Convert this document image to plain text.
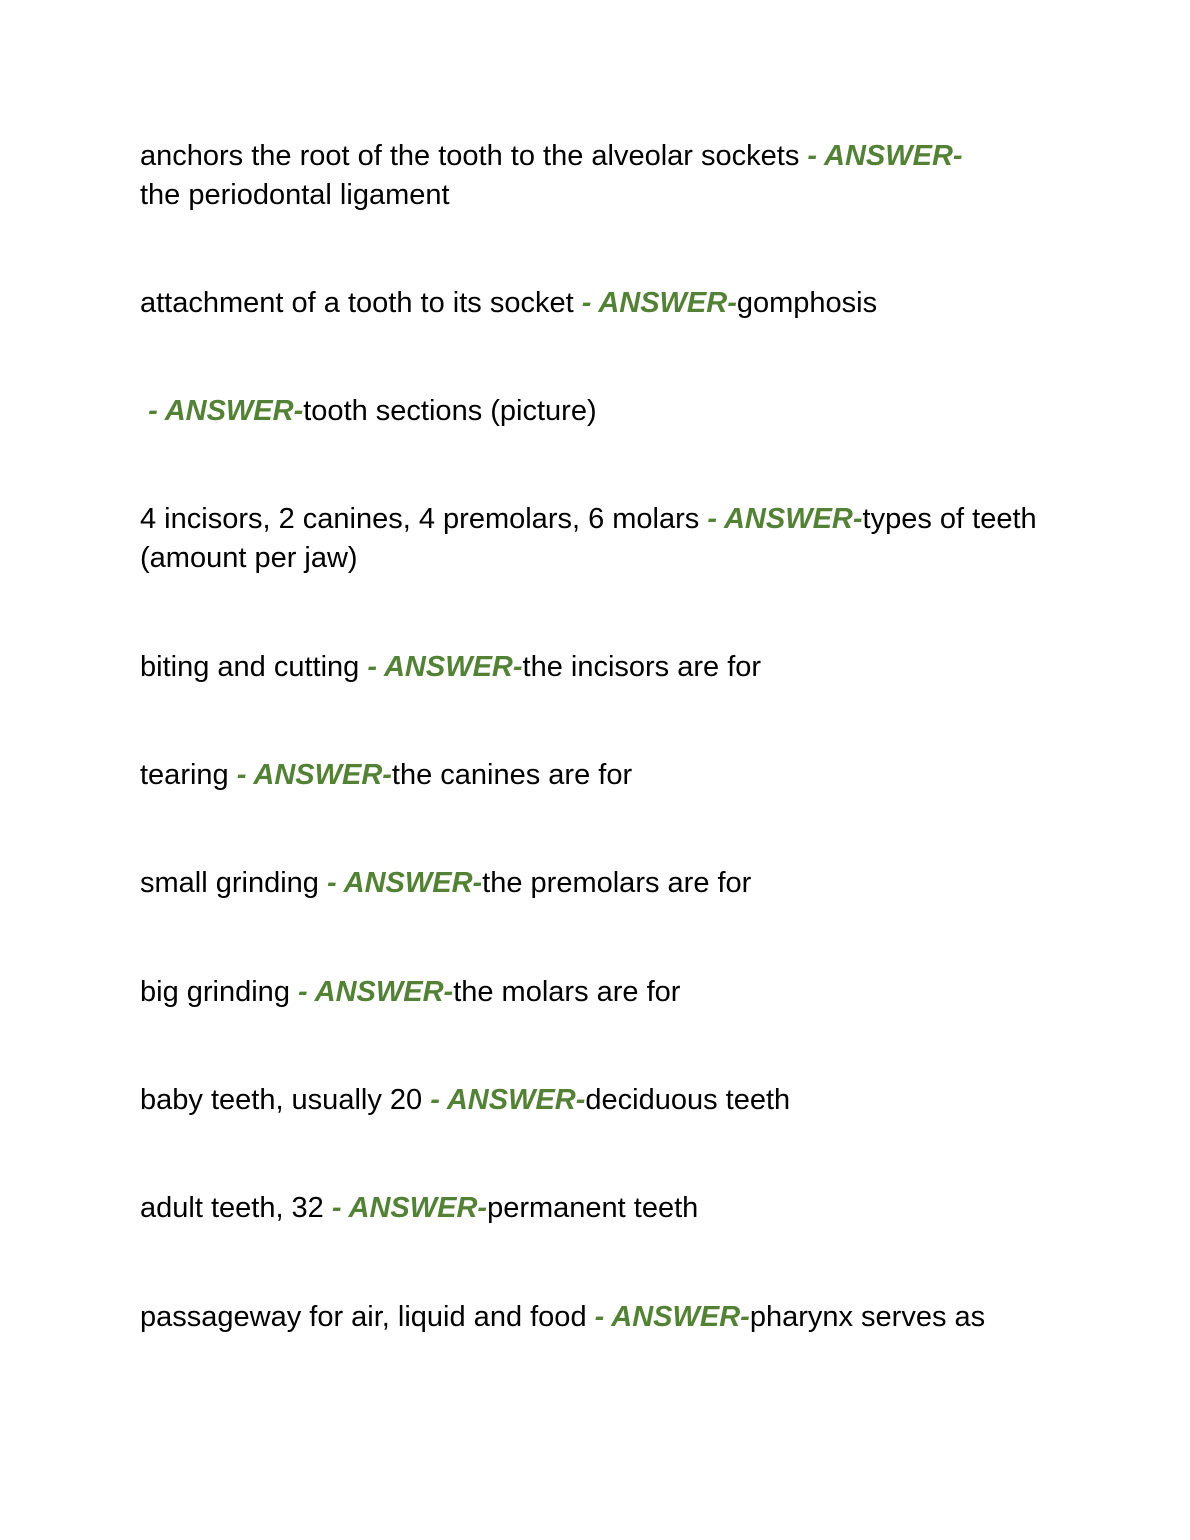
anchors the root of the tooth to the alveolar sockets - ANSWER-
the periodontal ligament

attachment of a tooth to its socket - ANSWER-gomphosis

- ANSWER-tooth sections (picture)

4 incisors, 2 canines, 4 premolars, 6 molars - ANSWER-types of teeth (amount per jaw)

biting and cutting - ANSWER-the incisors are for

tearing - ANSWER-the canines are for

small grinding - ANSWER-the premolars are for

big grinding - ANSWER-the molars are for

baby teeth, usually 20 - ANSWER-deciduous teeth

adult teeth, 32 - ANSWER-permanent teeth

passageway for air, liquid and food - ANSWER-pharynx serves as
